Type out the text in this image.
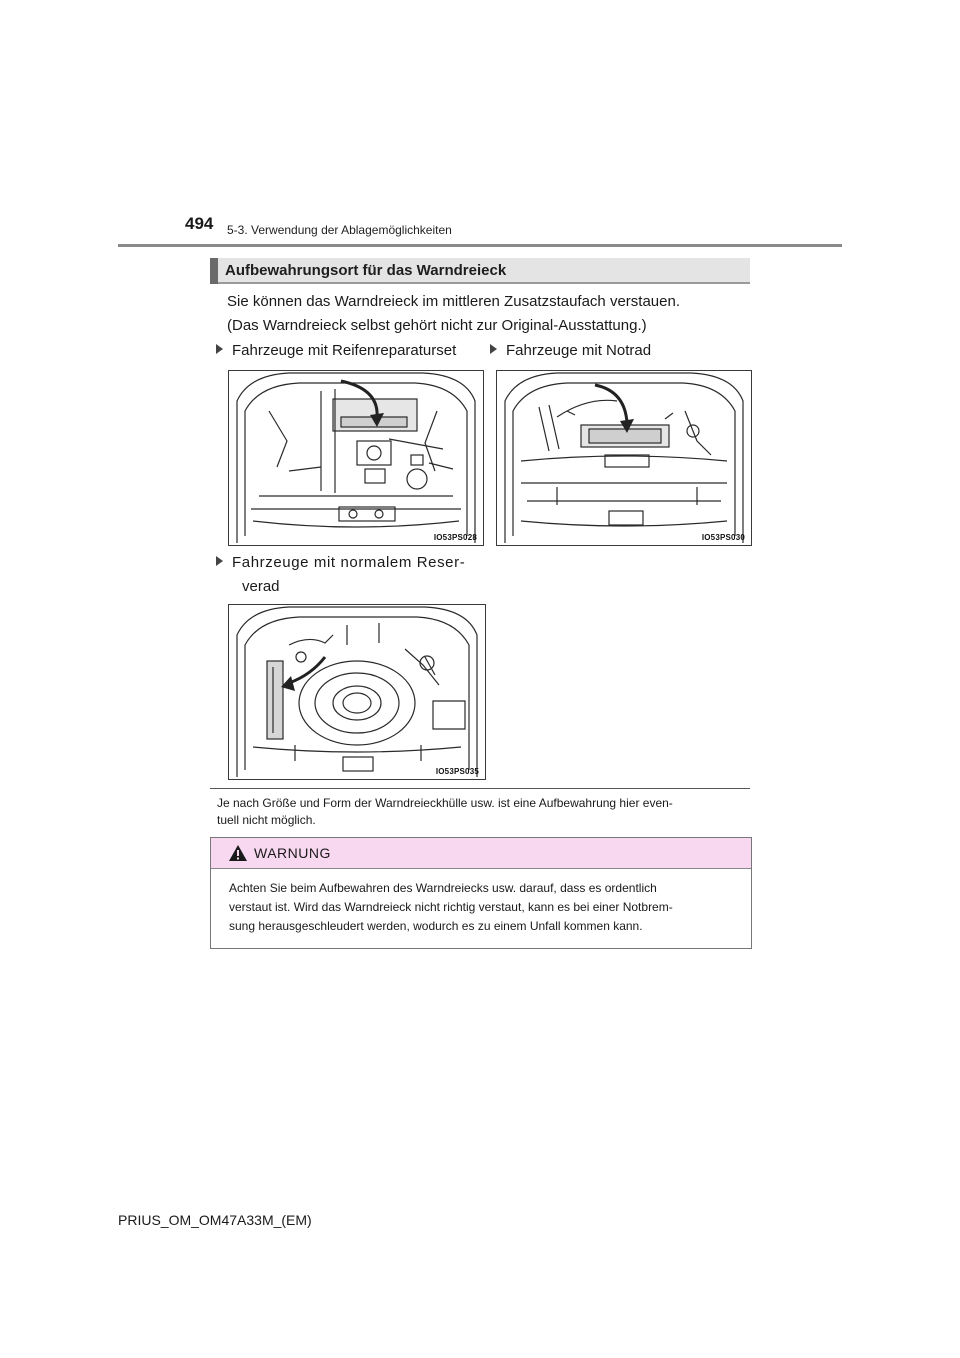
494 5-3. Verwendung der Ablagemöglichkeiten
Aufbewahrungsort für das Warndreieck
Sie können das Warndreieck im mittleren Zusatzstaufach verstauen.
(Das Warndreieck selbst gehört nicht zur Original-Ausstattung.)
Fahrzeuge mit Reifenreparaturset	Fahrzeuge mit Notrad
IO53PS028	IO53PS030
Fahrzeuge mit normalem Reser-
verad
IO53PS035
Je nach Größe und Form der Warndreieckhülle usw. ist eine Aufbewahrung hier even-
tuell nicht möglich.
WARNUNG
Achten Sie beim Aufbewahren des Warndreiecks usw. darauf, dass es ordentlich
verstaut ist. Wird das Warndreieck nicht richtig verstaut, kann es bei einer Notbrem-
sung herausgeschleudert werden, wodurch es zu einem Unfall kommen kann.
PRIUS_OM_OM47A33M_(EM)
